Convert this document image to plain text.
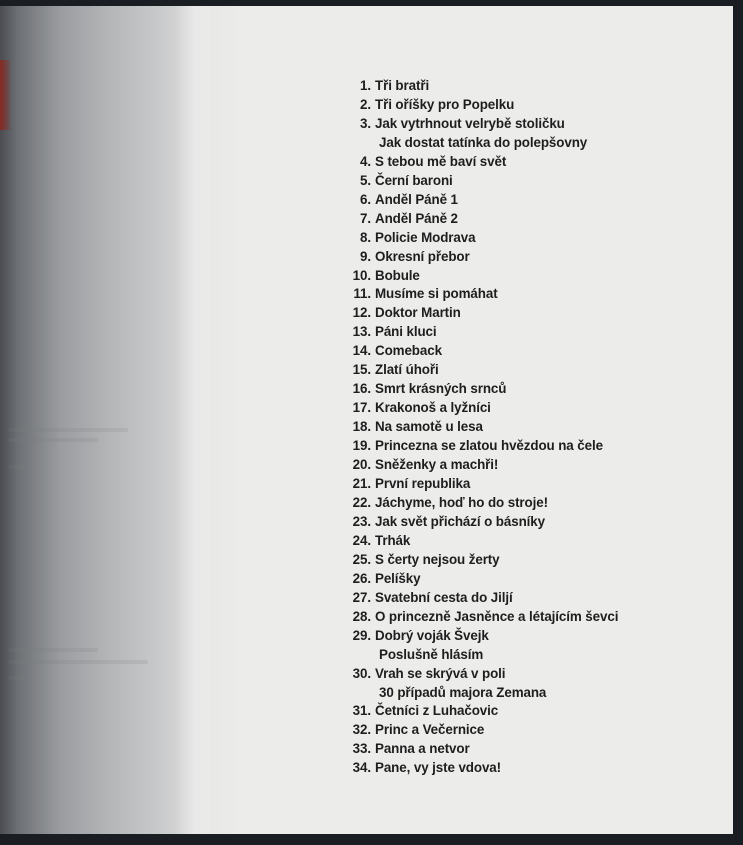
1. Tři bratři
2. Tři oříšky pro Popelku
3. Jak vytrhnout velrybě stoličku
Jak dostat tatínka do polepšovny
4. S tebou mě baví svět
5. Černí baroni
6. Anděl Páně 1
7. Anděl Páně 2
8. Policie Modrava
9. Okresní přebor
10. Bobule
11. Musíme si pomáhat
12. Doktor Martin
13. Páni kluci
14. Comeback
15. Zlatí úhoři
16. Smrt krásných srnců
17. Krakonoš a lyžníci
18. Na samotě u lesa
19. Princezna se zlatou hvězdou na čele
20. Sněženky a machři!
21. První republika
22. Jáchyme, hoď ho do stroje!
23. Jak svět přichází o básníky
24. Trhák
25. S čerty nejsou žerty
26. Pelíšky
27. Svatební cesta do Jiljí
28. O princezně Jasněnce a létajícím ševci
29. Dobrý voják Švejk
Poslušně hlásím
30. Vrah se skrývá v poli
30 případů majora Zemana
31. Četníci z Luhačovic
32. Princ a Večernice
33. Panna a netvor
34. Pane, vy jste vdova!
